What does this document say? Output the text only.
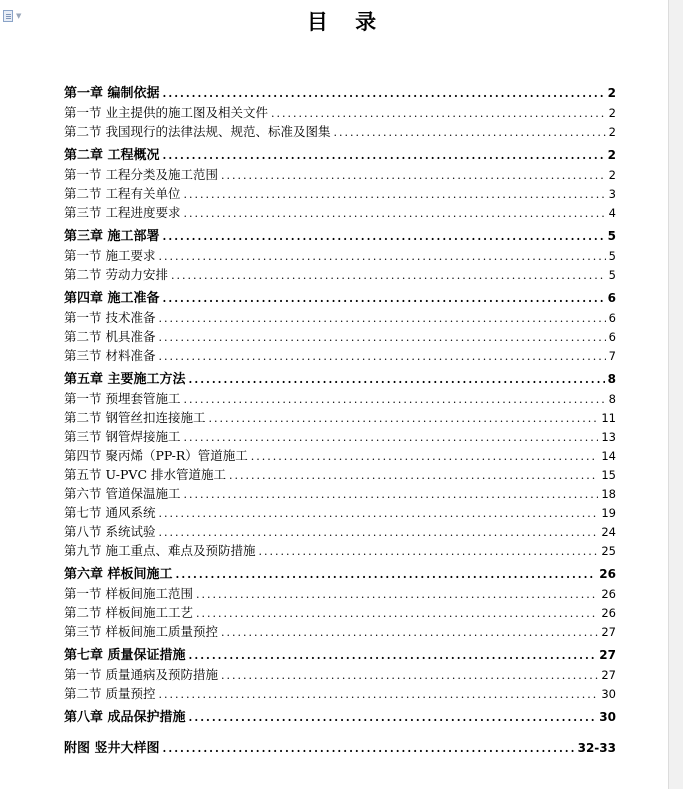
▼	目 录
第一章 编制依据 .....	2
第一节 业主提供的施工图及相关文件 .....	2
第二节 我国现行的法律法规、规范、标准及图集 .....	2
第二章 工程概况 .....	2
第一节 工程分类及施工范围 .....	2
第二节 工程有关单位 .....	3
第三节 工程进度要求 .....	4
第三章 施工部署 .....	5
第一节 施工要求 .....	5
第二节 劳动力安排 .....	5
第四章 施工准备 .....	6
第一节 技术准备 .....	6
第二节 机具准备 .....	6
第三节 材料准备 .....	7
第五章 主要施工方法 .....	8
第一节 预埋套管施工 .....	8
第二节 钢管丝扣连接施工 .....	11
第三节 钢管焊接施工 .....	13
第四节 聚丙烯（PP-R）管道施工 .....	14
第五节 U-PVC 排水管道施工 .....	15
第六节 管道保温施工 .....	18
第七节 通风系统 .....	19
第八节 系统试验 .....	24
第九节 施工重点、难点及预防措施 .....	25
第六章 样板间施工 .....	26
第一节 样板间施工范围 .....	26
第二节 样板间施工工艺 .....	26
第三节 样板间施工质量预控 .....	27
第七章 质量保证措施 .....	27
第一节 质量通病及预防措施 .....	27
第二节 质量预控 .....	30
第八章 成品保护措施 .....	30
附图 竖井大样图 .....	32-33
